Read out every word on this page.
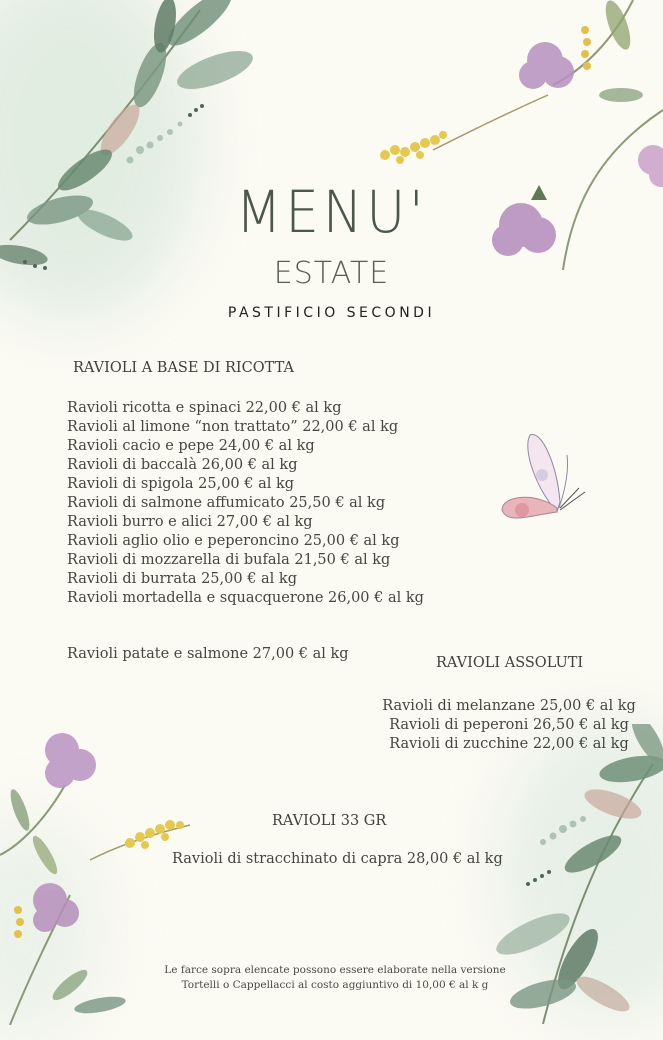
MENU'
ESTATE
PASTIFICIO SECONDI
RAVIOLI A BASE DI RICOTTA
Ravioli ricotta e spinaci 22,00 € al kg
Ravioli al limone “non trattato” 22,00 € al kg
Ravioli cacio e pepe 24,00 € al kg
Ravioli di baccalà 26,00 € al kg
Ravioli di spigola 25,00 € al kg
Ravioli di salmone affumicato 25,50 € al kg
Ravioli burro e alici 27,00 € al kg
Ravioli aglio olio e peperoncino 25,00 € al kg
Ravioli di mozzarella di bufala 21,50 € al kg
Ravioli di burrata 25,00 € al kg
Ravioli mortadella e squacquerone 26,00 € al kg
Ravioli patate e salmone 27,00 € al kg
RAVIOLI ASSOLUTI
Ravioli di melanzane 25,00 € al kg
Ravioli di peperoni 26,50 € al kg
Ravioli di zucchine 22,00 € al kg
RAVIOLI 33 GR
Ravioli di stracchinato di capra 28,00 € al kg
Le farce sopra elencate possono essere elaborate nella versione
Tortelli o Cappellacci al costo aggiuntivo di 10,00 € al k g
